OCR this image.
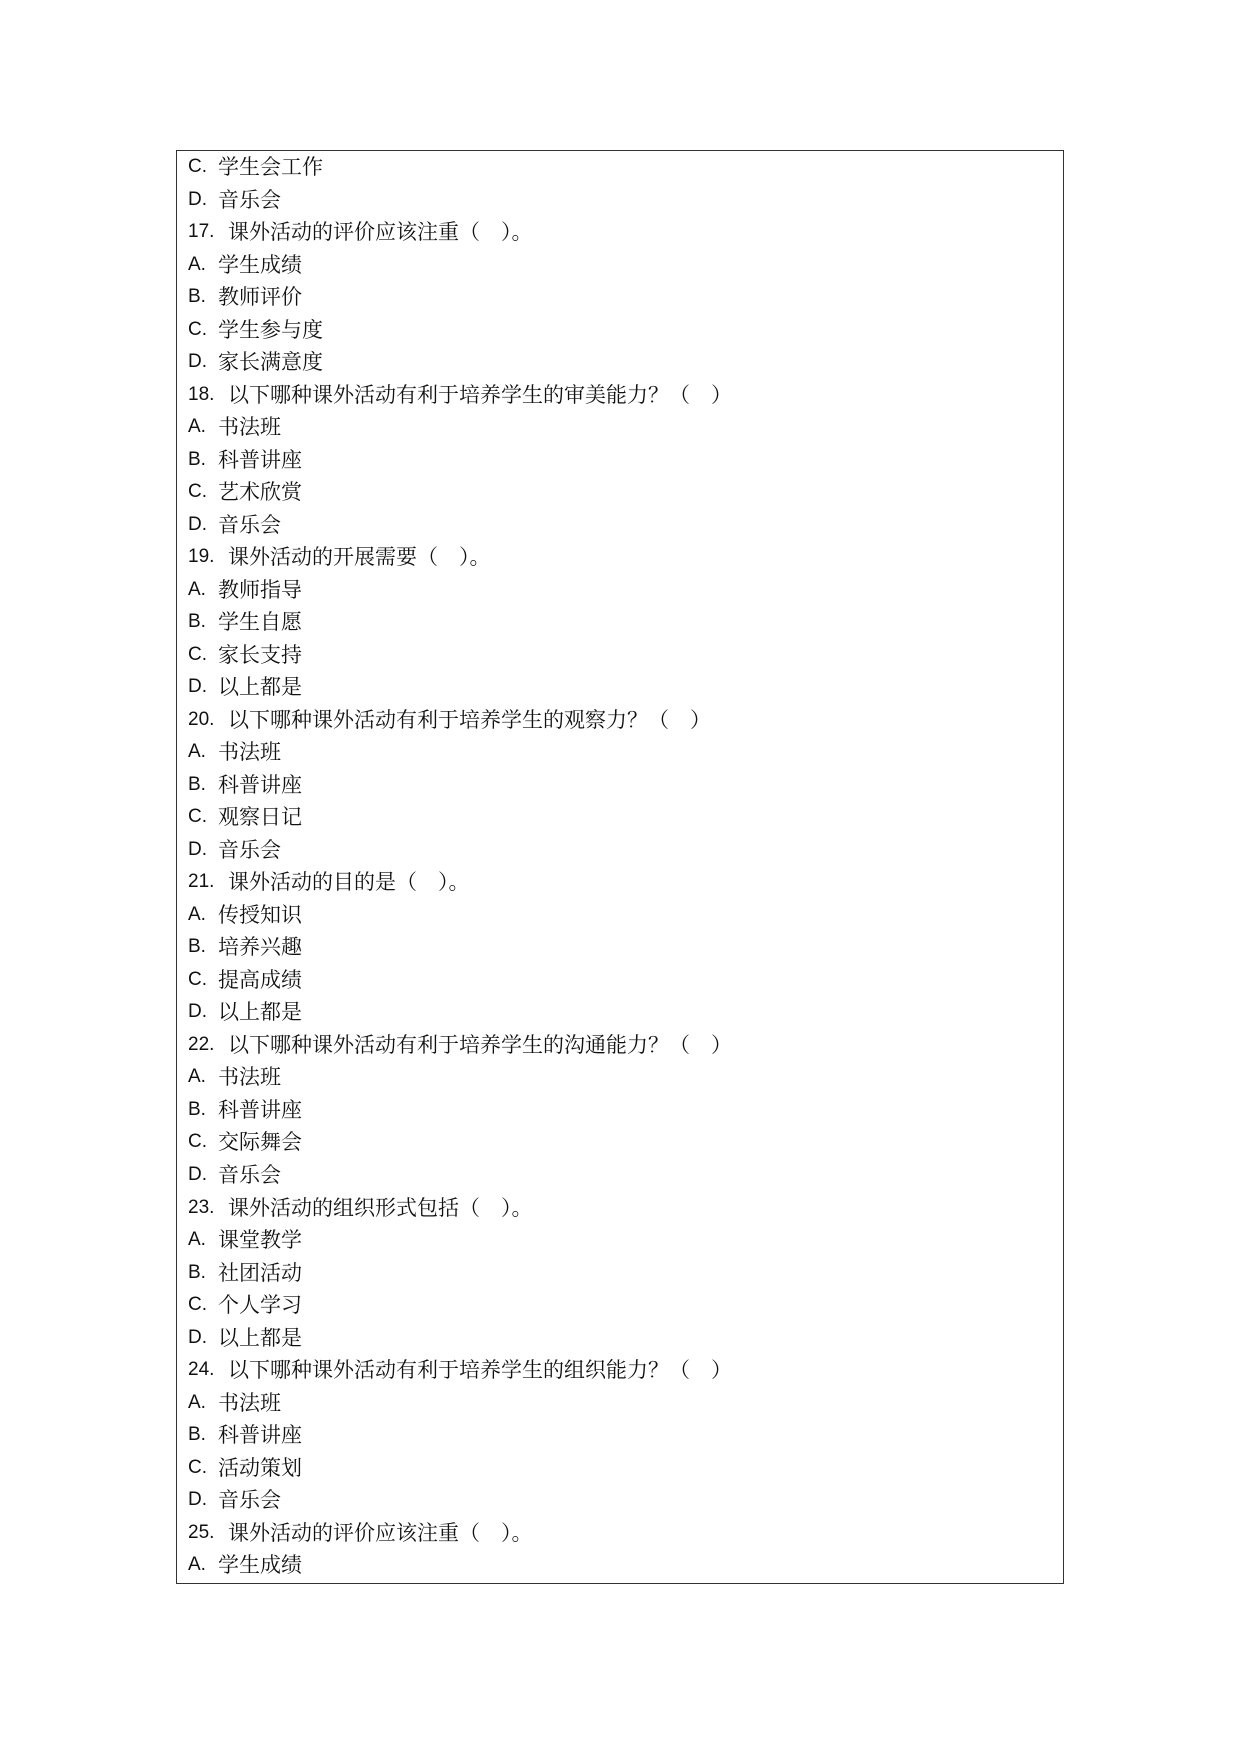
C. 学生会工作
D. 音乐会
17. 课外活动的评价应该注重（　）。
A. 学生成绩
B. 教师评价
C. 学生参与度
D. 家长满意度
18. 以下哪种课外活动有利于培养学生的审美能力？（　）
A. 书法班
B. 科普讲座
C. 艺术欣赏
D. 音乐会
19. 课外活动的开展需要（　）。
A. 教师指导
B. 学生自愿
C. 家长支持
D. 以上都是
20. 以下哪种课外活动有利于培养学生的观察力？（　）
A. 书法班
B. 科普讲座
C. 观察日记
D. 音乐会
21. 课外活动的目的是（　）。
A. 传授知识
B. 培养兴趣
C. 提高成绩
D. 以上都是
22. 以下哪种课外活动有利于培养学生的沟通能力？（　）
A. 书法班
B. 科普讲座
C. 交际舞会
D. 音乐会
23. 课外活动的组织形式包括（　）。
A. 课堂教学
B. 社团活动
C. 个人学习
D. 以上都是
24. 以下哪种课外活动有利于培养学生的组织能力？（　）
A. 书法班
B. 科普讲座
C. 活动策划
D. 音乐会
25. 课外活动的评价应该注重（　）。
A. 学生成绩
